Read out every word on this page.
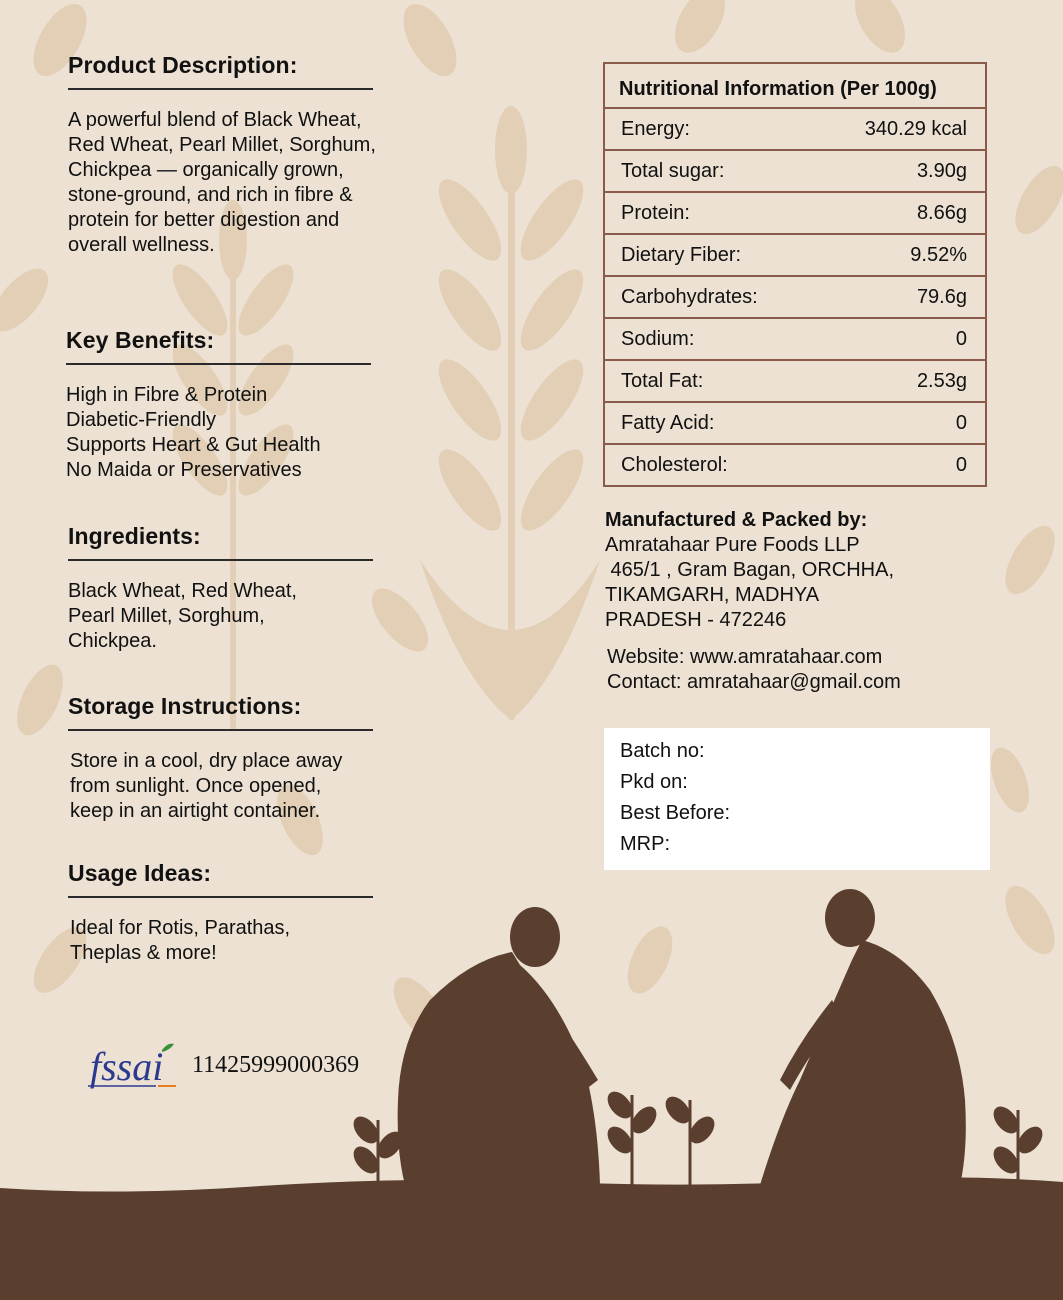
Product Description:
A powerful blend of Black Wheat,
Red Wheat, Pearl Millet, Sorghum,
Chickpea — organically grown,
stone-ground, and rich in fibre &
protein for better digestion and
overall wellness.
Key Benefits:
High in Fibre & Protein
Diabetic-Friendly
Supports Heart & Gut Health
No Maida or Preservatives
Ingredients:
Black Wheat, Red Wheat,
Pearl Millet, Sorghum,
Chickpea.
Storage Instructions:
Store in a cool, dry place away
from sunlight. Once opened,
keep in an airtight container.
Usage Ideas:
Ideal for Rotis, Parathas,
Theplas & more!
fssai 11425999000369
Nutritional Information (Per 100g)
Energy:	340.29 kcal
Total sugar:	3.90g
Protein:	8.66g
Dietary Fiber:	9.52%
Carbohydrates:	79.6g
Sodium:	0
Total Fat:	2.53g
Fatty Acid:	0
Cholesterol:	0
Manufactured & Packed by:
Amratahaar Pure Foods LLP
465/1 , Gram Bagan, ORCHHA,
TIKAMGARH, MADHYA
PRADESH - 472246
Website: www.amratahaar.com
Contact: amratahaar@gmail.com
Batch no:
Pkd on:
Best Before:
MRP:
